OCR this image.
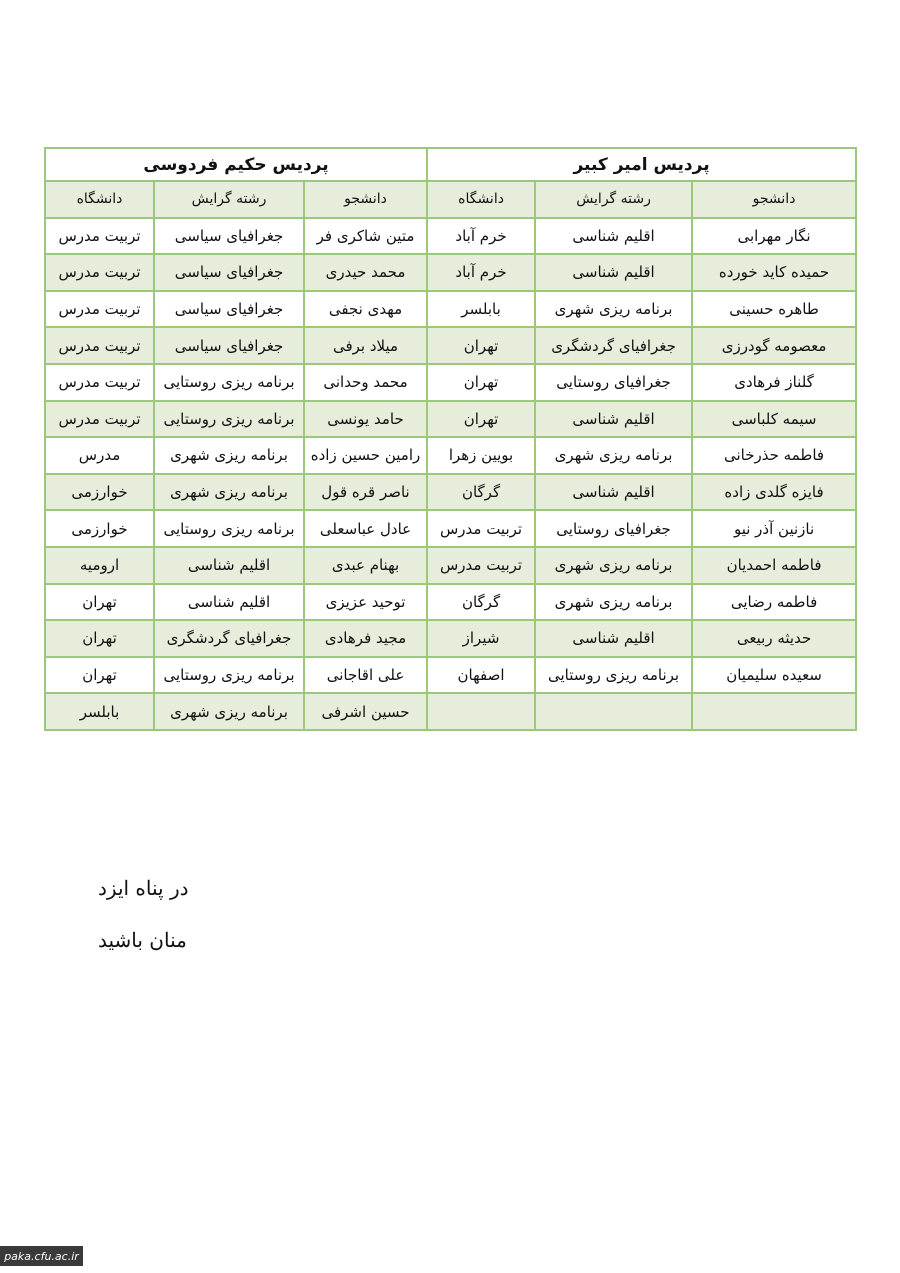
پردیس امیر کبیر			پردیس حکیم فردوسی		
دانشجو	رشته گرایش	دانشگاه	دانشجو	رشته گرایش	دانشگاه
نگار مهرابی	اقلیم شناسی	خرم آباد	متین شاکری فر	جغرافیای سیاسی	تربیت مدرس
حمیده کاید خورده	اقلیم شناسی	خرم آباد	محمد حیدری	جغرافیای سیاسی	تربیت مدرس
طاهره حسینی	برنامه ریزی شهری	بابلسر	مهدی نجفی	جغرافیای سیاسی	تربیت مدرس
معصومه گودرزی	جغرافیای گردشگری	تهران	میلاد برفی	جغرافیای سیاسی	تربیت مدرس
گلناز فرهادی	جغرافیای روستایی	تهران	محمد وحدانی	برنامه ریزی روستایی	تربیت مدرس
سیمه کلباسی	اقلیم شناسی	تهران	حامد یونسی	برنامه ریزی روستایی	تربیت مدرس
فاطمه حذرخانی	برنامه ریزی شهری	بویین زهرا	رامین حسین زاده	برنامه ریزی شهری	مدرس
فایزه گلدی زاده	اقلیم شناسی	گرگان	ناصر قره قول	برنامه ریزی شهری	خوارزمی
نازنین آذر نیو	جغرافیای روستایی	تربیت مدرس	عادل عباسعلی	برنامه ریزی روستایی	خوارزمی
فاطمه احمدیان	برنامه ریزی شهری	تربیت مدرس	بهنام عبدی	اقلیم شناسی	ارومیه
فاطمه رضایی	برنامه ریزی شهری	گرگان	توحید عزیزی	اقلیم شناسی	تهران
حدیثه ربیعی	اقلیم شناسی	شیراز	مجید فرهادی	جغرافیای گردشگری	تهران
سعیده سلیمیان	برنامه ریزی روستایی	اصفهان	علی اقاجانی	برنامه ریزی روستایی	تهران
			حسین اشرفی	برنامه ریزی شهری	بابلسر
در پناه ایزد
منان باشید
paka.cfu.ac.ir
